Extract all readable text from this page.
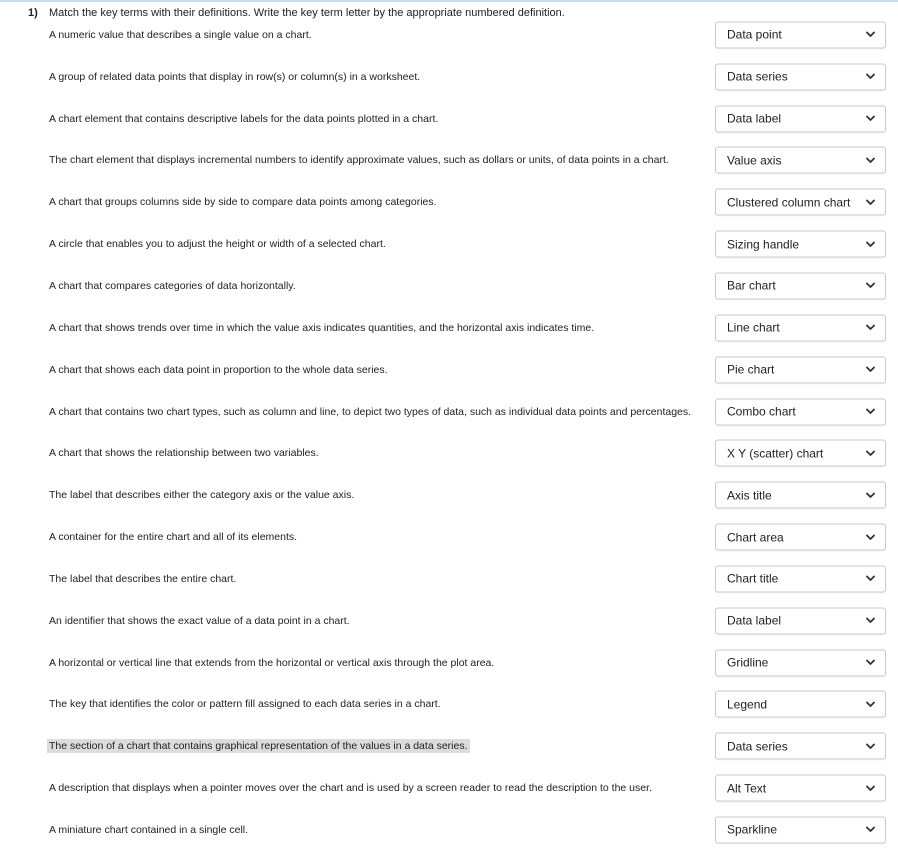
1) Match the key terms with their definitions. Write the key term letter by the appropriate numbered definition.
A numeric value that describes a single value on a chart.	Data point
A group of related data points that display in row(s) or column(s) in a worksheet.	Data series
A chart element that contains descriptive labels for the data points plotted in a chart.	Data label
The chart element that displays incremental numbers to identify approximate values, such as dollars or units, of data points in a chart.	Value axis
A chart that groups columns side by side to compare data points among categories.	Clustered column chart
A circle that enables you to adjust the height or width of a selected chart.	Sizing handle
A chart that compares categories of data horizontally.	Bar chart
A chart that shows trends over time in which the value axis indicates quantities, and the horizontal axis indicates time.	Line chart
A chart that shows each data point in proportion to the whole data series.	Pie chart
A chart that contains two chart types, such as column and line, to depict two types of data, such as individual data points and percentages.	Combo chart
A chart that shows the relationship between two variables.	X Y (scatter) chart
The label that describes either the category axis or the value axis.	Axis title
A container for the entire chart and all of its elements.	Chart area
The label that describes the entire chart.	Chart title
An identifier that shows the exact value of a data point in a chart.	Data label
A horizontal or vertical line that extends from the horizontal or vertical axis through the plot area.	Gridline
The key that identifies the color or pattern fill assigned to each data series in a chart.	Legend
The section of a chart that contains graphical representation of the values in a data series.	Data series
A description that displays when a pointer moves over the chart and is used by a screen reader to read the description to the user.	Alt Text
A miniature chart contained in a single cell.	Sparkline
